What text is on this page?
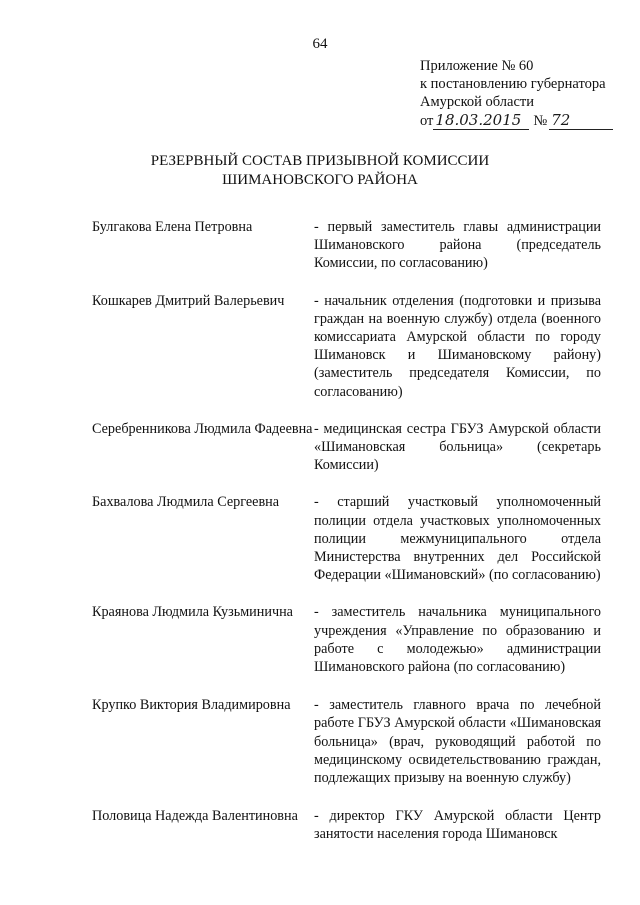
64
Приложение № 60
к постановлению губернатора
Амурской области
от 18.03.2015 № 72
РЕЗЕРВНЫЙ СОСТАВ ПРИЗЫВНОЙ КОМИССИИ
ШИМАНОВСКОГО РАЙОНА
Булгакова Елена Петровна	- первый заместитель главы администрации Шимановского района (председатель Комиссии, по согласованию)
Кошкарев Дмитрий Валерьевич	- начальник отделения (подготовки и призыва граждан на военную службу) отдела (военного комиссариата Амурской области по городу Шимановск и Шимановскому району) (заместитель председателя Комиссии, по согласованию)
Серебренникова Людмила Фадеевна - медицинская сестра ГБУЗ Амурской области «Шимановская больница» (секретарь Комиссии)
Бахвалова Людмила Сергеевна	- старший участковый уполномоченный полиции отдела участковых уполномоченных полиции межмуниципального отдела Министерства внутренних дел Российской Федерации «Шимановский» (по согласованию)
Краянова Людмила Кузьминична	- заместитель начальника муниципального учреждения «Управление по образованию и работе с молодежью» администрации Шимановского района (по согласованию)
Крупко Виктория Владимировна	- заместитель главного врача по лечебной работе ГБУЗ Амурской области «Шимановская больница» (врач, руководящий работой по медицинскому освидетельствованию граждан, подлежащих призыву на военную службу)
Половица Надежда Валентиновна	- директор ГКУ Амурской области Центр занятости населения города Шимановск
